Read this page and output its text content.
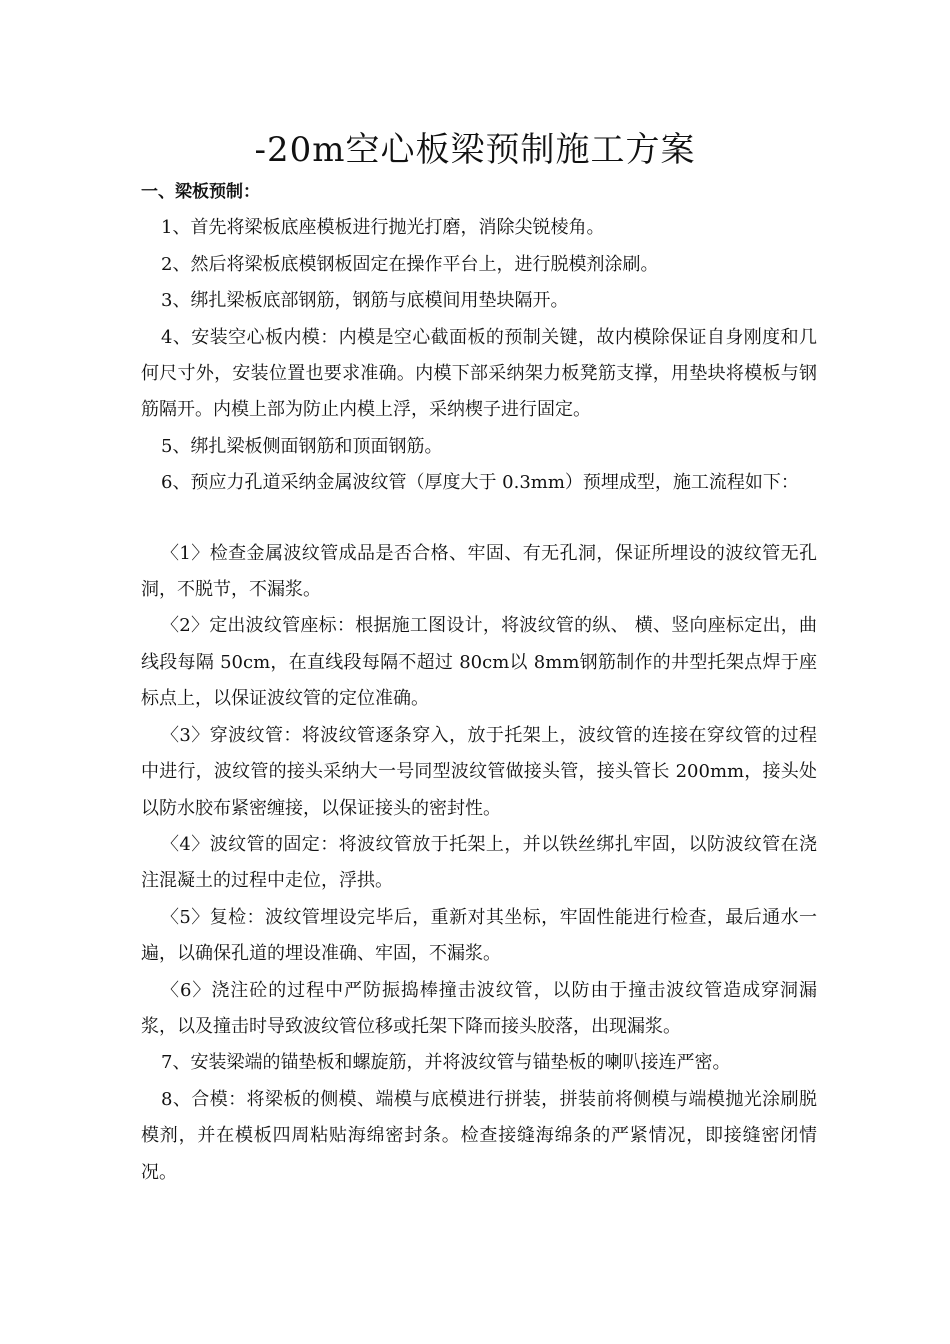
-20m空心板梁预制施工方案
一、梁板预制：

1、首先将梁板底座模板进行抛光打磨，消除尖锐棱角。

2、然后将梁板底模钢板固定在操作平台上，进行脱模剂涂刷。

3、绑扎梁板底部钢筋，钢筋与底模间用垫块隔开。

4、安装空心板内模：内模是空心截面板的预制关键，故内模除保证自身刚度和几何尺寸外，安装位置也要求准确。内模下部采纳架力板凳筋支撑，用垫块将模板与钢筋隔开。内模上部为防止内模上浮，采纳楔子进行固定。

5、绑扎梁板侧面钢筋和顶面钢筋。

6、预应力孔道采纳金属波纹管（厚度大于 0.3mm）预埋成型，施工流程如下：

〈1〉检查金属波纹管成品是否合格、牢固、有无孔洞，保证所埋设的波纹管无孔洞，不脱节，不漏浆。

〈2〉定出波纹管座标：根据施工图设计，将波纹管的纵、 横、竖向座标定出，曲线段每隔 50cm，在直线段每隔不超过 80cm以 8mm钢筋制作的井型托架点焊于座标点上，以保证波纹管的定位准确。

〈3〉穿波纹管：将波纹管逐条穿入，放于托架上，波纹管的连接在穿纹管的过程中进行，波纹管的接头采纳大一号同型波纹管做接头管，接头管长 200mm，接头处以防水胶布紧密缠接，以保证接头的密封性。

〈4〉波纹管的固定：将波纹管放于托架上，并以铁丝绑扎牢固，以防波纹管在浇注混凝土的过程中走位，浮拱。

〈5〉复检：波纹管埋设完毕后，重新对其坐标，牢固性能进行检查，最后通水一遍，以确保孔道的埋设准确、牢固，不漏浆。

〈6〉浇注砼的过程中严防振捣棒撞击波纹管，以防由于撞击波纹管造成穿洞漏浆，以及撞击时导致波纹管位移或托架下降而接头胶落，出现漏浆。

7、安装梁端的锚垫板和螺旋筋，并将波纹管与锚垫板的喇叭接连严密。

8、合模：将梁板的侧模、端模与底模进行拼装，拼装前将侧模与端模抛光涂刷脱模剂，并在模板四周粘贴海绵密封条。检查接缝海绵条的严紧情况，即接缝密闭情况。
